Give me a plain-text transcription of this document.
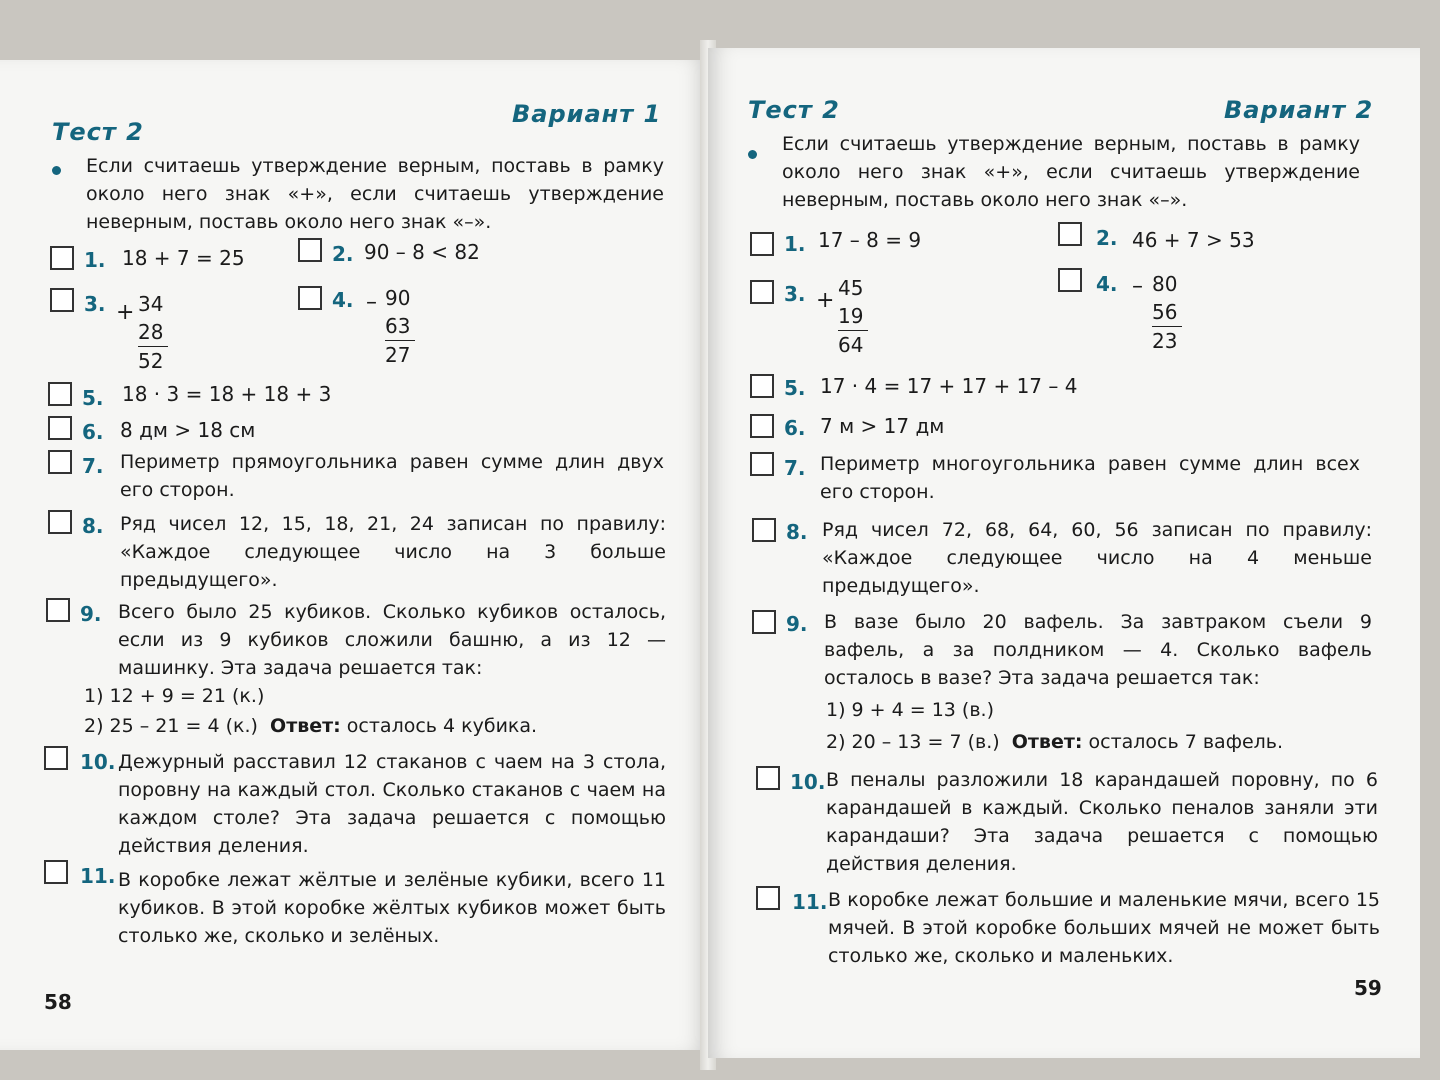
Тест 2
Вариант 1
Если считаешь утверждение верным, поставь в рамку около него знак «+», если считаешь утверждение неверным, поставь около него знак «–».
1. 18 + 7 = 25	2. 90 – 8 < 82
3. + 34
28
52
4. – 90
63
27
5. 18 · 3 = 18 + 18 + 3
6. 8 дм > 18 см
7. Периметр прямоугольника равен сумме длин двух его сторон.
8. Ряд чисел 12, 15, 18, 21, 24 записан по правилу: «Каждое следующее число на 3 больше предыдущего».
9. Всего было 25 кубиков. Сколько кубиков осталось, если из 9 кубиков сложили башню, а из 12 — машинку. Эта задача решается так:
1) 12 + 9 = 21 (к.)
2) 25 – 21 = 4 (к.) Ответ: осталось 4 кубика.
10. Дежурный расставил 12 стаканов с чаем на 3 стола, поровну на каждый стол. Сколько стаканов с чаем на каждом столе? Эта задача решается с помощью действия деления.
11. В коробке лежат жёлтые и зелёные кубики, всего 11 кубиков. В этой коробке жёлтых кубиков может быть столько же, сколько и зелёных.
58
Тест 2	Вариант 2
Если считаешь утверждение верным, поставь в рамку около него знак «+», если считаешь утверждение неверным, поставь около него знак «–».
1. 17 – 8 = 9	2. 46 + 7 > 53
3. + 45
19
64
4. – 80
56
23
5. 17 · 4 = 17 + 17 + 17 – 4
6. 7 м > 17 дм
7. Периметр многоугольника равен сумме длин всех его сторон.
8. Ряд чисел 72, 68, 64, 60, 56 записан по правилу: «Каждое следующее число на 4 меньше предыдущего».
9. В вазе было 20 вафель. За завтраком съели 9 вафель, а за полдником — 4. Сколько вафель осталось в вазе? Эта задача решается так:
1) 9 + 4 = 13 (в.)
2) 20 – 13 = 7 (в.) Ответ: осталось 7 вафель.
10. В пеналы разложили 18 карандашей поровну, по 6 карандашей в каждый. Сколько пеналов заняли эти карандаши? Эта задача решается с помощью действия деления.
11. В коробке лежат большие и маленькие мячи, всего 15 мячей. В этой коробке больших мячей не может быть столько же, сколько и маленьких.
59
